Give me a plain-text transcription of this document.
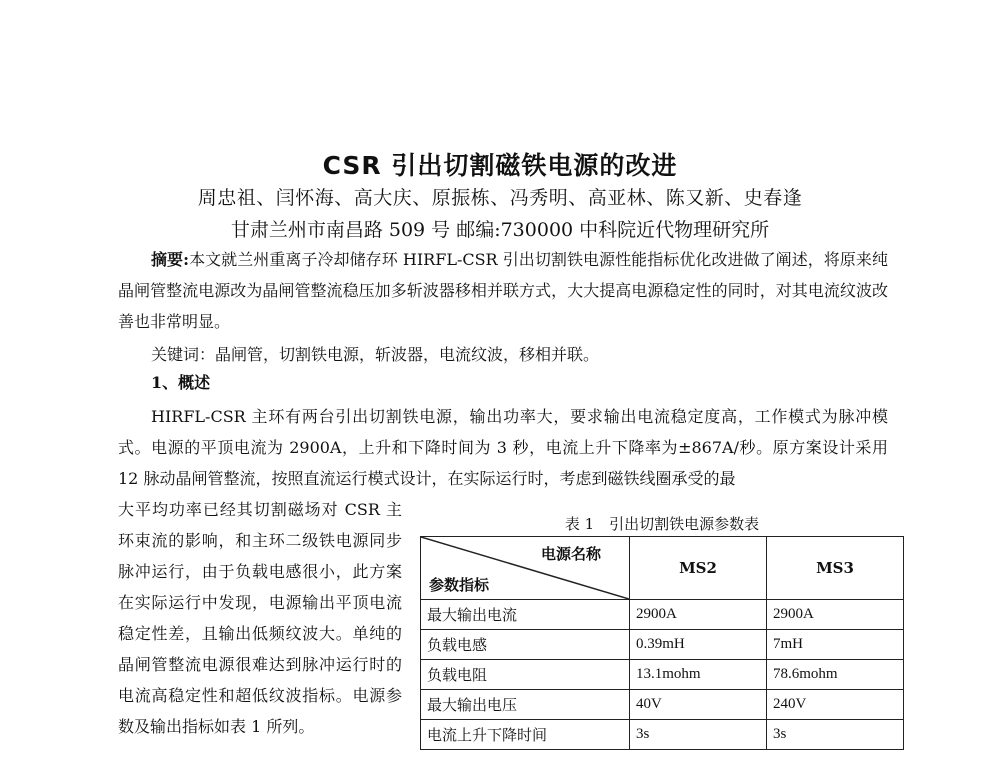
CSR 引出切割磁铁电源的改进
周忠祖、闫怀海、高大庆、原振栋、冯秀明、高亚林、陈又新、史春逢
甘肃兰州市南昌路 509 号 邮编:730000 中科院近代物理研究所
摘要:本文就兰州重离子冷却储存环 HIRFL-CSR 引出切割铁电源性能指标优化改进做了阐述，将原来纯晶闸管整流电源改为晶闸管整流稳压加多斩波器移相并联方式，大大提高电源稳定性的同时，对其电流纹波改善也非常明显。
关键词：晶闸管，切割铁电源，斩波器，电流纹波，移相并联。
1、概述
HIRFL-CSR 主环有两台引出切割铁电源，输出功率大，要求输出电流稳定度高，工作模式为脉冲模式。电源的平顶电流为 2900A，上升和下降时间为 3 秒，电流上升下降率为±867A/秒。原方案设计采用 12 脉动晶闸管整流，按照直流运行模式设计，在实际运行时，考虑到磁铁线圈承受的最
大平均功率已经其切割磁场对 CSR 主环束流的影响，和主环二级铁电源同步脉冲运行，由于负载电感很小，此方案在实际运行中发现，电源输出平顶电流稳定性差，且输出低频纹波大。单纯的晶闸管整流电源很难达到脉冲运行时的电流高稳定性和超低纹波指标。电源参数及输出指标如表 1 所列。
表 1　引出切割铁电源参数表
电源名称
参数指标	MS2	MS3
最大输出电流	2900A	2900A
负载电感	0.39mH	7mH
负载电阻	13.1mohm	78.6mohm
最大输出电压	40V	240V
电流上升下降时间	3s	3s
